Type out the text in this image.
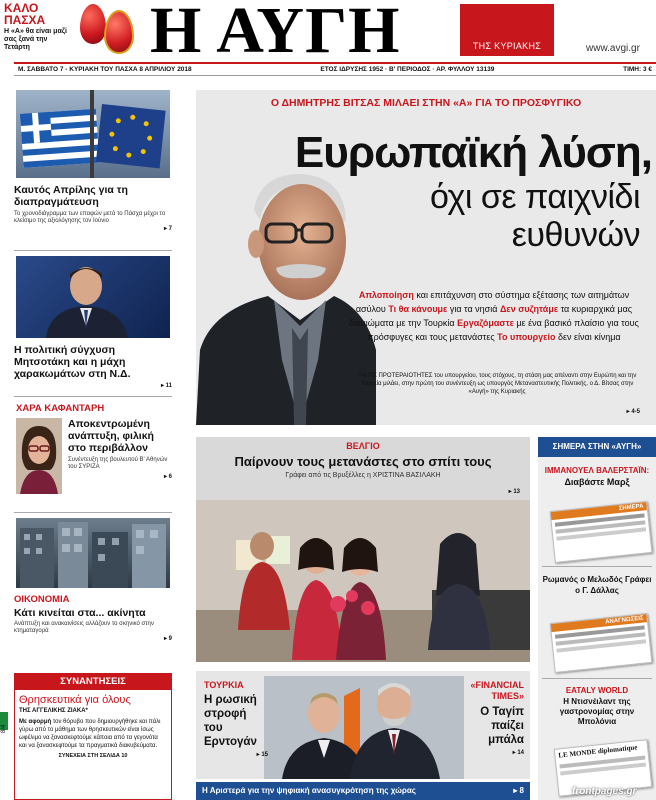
ΚΑΛΟ
ΠΑΣΧΑ
Η «Α» θα είναι μαζί σας ξανά την Τετάρτη	Η ΑΥΓΗ	ΤΗΣ ΚΥΡΙΑΚΗΣ	www.avgi.gr
Μ. ΣΑΒΒΑΤΟ 7 - ΚΥΡΙΑΚΗ ΤΟΥ ΠΑΣΧΑ 8 ΑΠΡΙΛΙΟΥ 2018	ΕΤΟΣ ΙΔΡΥΣΗΣ 1952 · Β' ΠΕΡΙΟΔΟΣ · ΑΡ. ΦΥΛΛΟΥ 13139	ΤΙΜΗ: 3 €
Καυτός Απρίλης για τη διαπραγμάτευση
Το χρονοδιάγραμμα των επαφών μετά το Πάσχα μέχρι το κλείσιμο της αξιολόγησης τον Ιούνιο
▸ 7
Η πολιτική σύγχυση Μητσοτάκη και η μάχη χαρακωμάτων στη Ν.Δ.
▸ 11
ΧΑΡΑ ΚΑΦΑΝΤΑΡΗ
Αποκεντρωμένη ανάπτυξη, φιλική στο περιβάλλον
Συνέντευξη της βουλευτού Β' Αθηνών του ΣΥΡΙΖΑ
▸ 6
ΟΙΚΟΝΟΜΙΑ
Κάτι κινείται στα... ακίνητα
Ανάπτυξη και ανακαινίσεις αλλάζουν το σκηνικό στην κτηματαγορά
▸ 9
ΣΥΝΑΝΤΗΣΕΙΣ
Θρησκευτικά για όλους
ΤΗΣ ΑΓΓΕΛΙΚΗΣ ΖΙΑΚΑ*
Με αφορμή τον θόρυβο που δημιουργήθηκε και πάλι γύρω από το μάθημα των θρησκευτικών είναι ίσως ωφέλιμο να ξανασκεφτούμε κάποια από τα γεγονότα και να ξανασκεφτούμε τα πραγματικά διακυβεύματα.
ΣΥΝΕΧΕΙΑ ΣΤΗ ΣΕΛΙΔΑ 10
8/4
Ο ΔΗΜΗΤΡΗΣ ΒΙΤΣΑΣ ΜΙΛΑΕΙ ΣΤΗΝ «Α» ΓΙΑ ΤΟ ΠΡΟΣΦΥΓΙΚΟ
Ευρωπαϊκή λύση,
όχι σε παιχνίδι
ευθυνών
Απλοποίηση και επιτάχυνση στο σύστημα εξέτασης των αιτημάτων ασύλου Τι θα κάνουμε για τα νησιά Δεν συζητάμε τα κυριαρχικά μας δικαιώματα με την Τουρκία Εργαζόμαστε με ένα βασικό πλαίσιο για τους πρόσφυγες και τους μετανάστες Το υπουργείο δεν είναι κίνημα
ΓΙΑ ΤΙΣ ΠΡΟΤΕΡΑΙΟΤΗΤΕΣ του υπουργείου, τους στόχους, τη στάση μας απέναντι στην Ευρώπη και την Τουρκία μιλάει, στην πρώτη του συνέντευξη ως υπουργός Μεταναστευτικής Πολιτικής, ο Δ. Βίτσας στην «Αυγή» της Κυριακής
▸ 4-5
ΒΕΛΓΙΟ
Παίρνουν τους μετανάστες στο σπίτι τους
Γράφει από τις Βρυξέλλες η ΧΡΙΣΤΙΝΑ ΒΑΣΙΛΑΚΗ
▸ 13
ΣΗΜΕΡΑ ΣΤΗΝ «ΑΥΓΗ»
ΙΜΜΑΝΟΥΕΛ ΒΑΛΕΡΣΤΑΪΝ:
Διαβάστε Μαρξ
ΣΗΜΕΡΑ
Ρωμανός ο Μελωδός Γράφει ο Γ. Δάλλας
ΑΝΑΓΝΩΣΕΙΣ
EATALY WORLD
Η Ντισνέιλαντ της γαστρονομίας στην Μπολόνια
LE MONDE diplomatique
ΤΟΥΡΚΙΑ
Η ρωσική στροφή του Ερντογάν
▸ 15
«FINANCIAL TIMES»
Ο Ταγίπ παίζει μπάλα
▸ 14
Η Αριστερά για την ψηφιακή ανασυγκρότηση της χώρας	▸ 8	frontpages.gr
